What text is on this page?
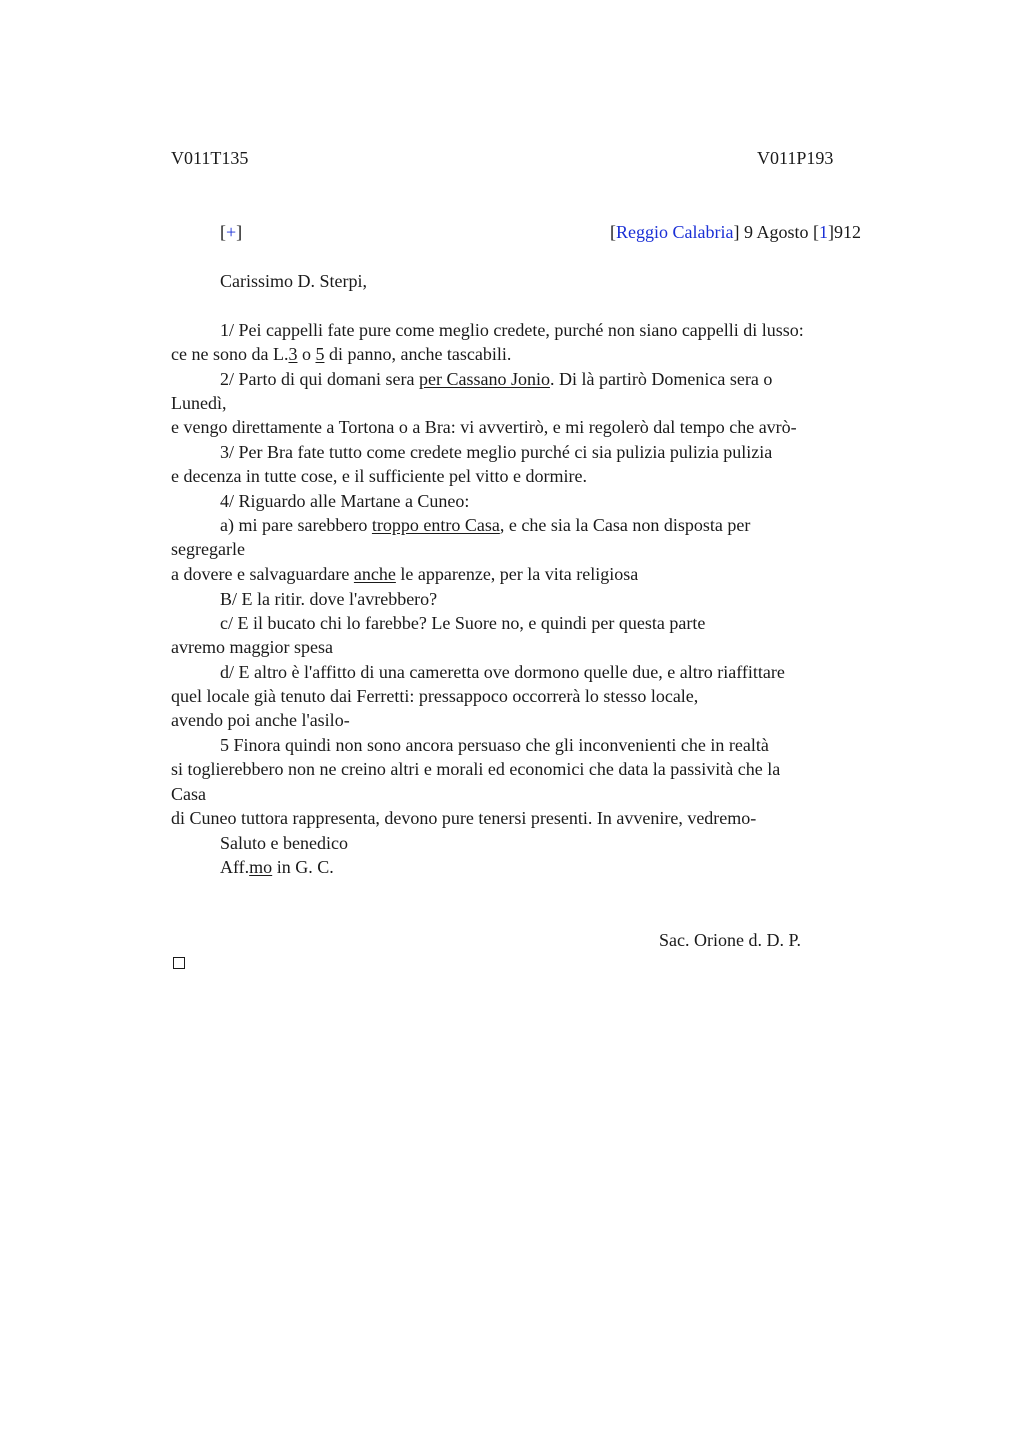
V011T135	V011P193
[+]	[Reggio Calabria] 9 Agosto [1]912
Carissimo D. Sterpi,
1/ Pei cappelli fate pure come meglio credete, purché non siano cappelli di lusso:
ce ne sono da L.3 o 5 di panno, anche tascabili.
2/ Parto di qui domani sera per Cassano Jonio. Di là partirò Domenica sera o
Lunedì,
e vengo direttamente a Tortona o a Bra: vi avvertirò, e mi regolerò dal tempo che avrò-
3/ Per Bra fate tutto come credete meglio purché ci sia pulizia pulizia pulizia
e decenza in tutte cose, e il sufficiente pel vitto e dormire.
4/ Riguardo alle Martane a Cuneo:
a) mi pare sarebbero troppo entro Casa, e che sia la Casa non disposta per
segregarle
a dovere e salvaguardare anche le apparenze, per la vita religiosa
B/ E la ritir. dove l'avrebbero?
c/ E il bucato chi lo farebbe? Le Suore no, e quindi per questa parte
avremo maggior spesa
d/ E altro è l'affitto di una cameretta ove dormono quelle due, e altro riaffittare
quel locale già tenuto dai Ferretti: pressappoco occorrerà lo stesso locale,
avendo poi anche l'asilo-
5 Finora quindi non sono ancora persuaso che gli inconvenienti che in realtà
si toglierebbero non ne creino altri e morali ed economici che data la passività che la
Casa
di Cuneo tuttora rappresenta, devono pure tenersi presenti. In avvenire, vedremo-
Saluto e benedico
Aff.mo in G. C.
Sac. Orione d. D. P.
